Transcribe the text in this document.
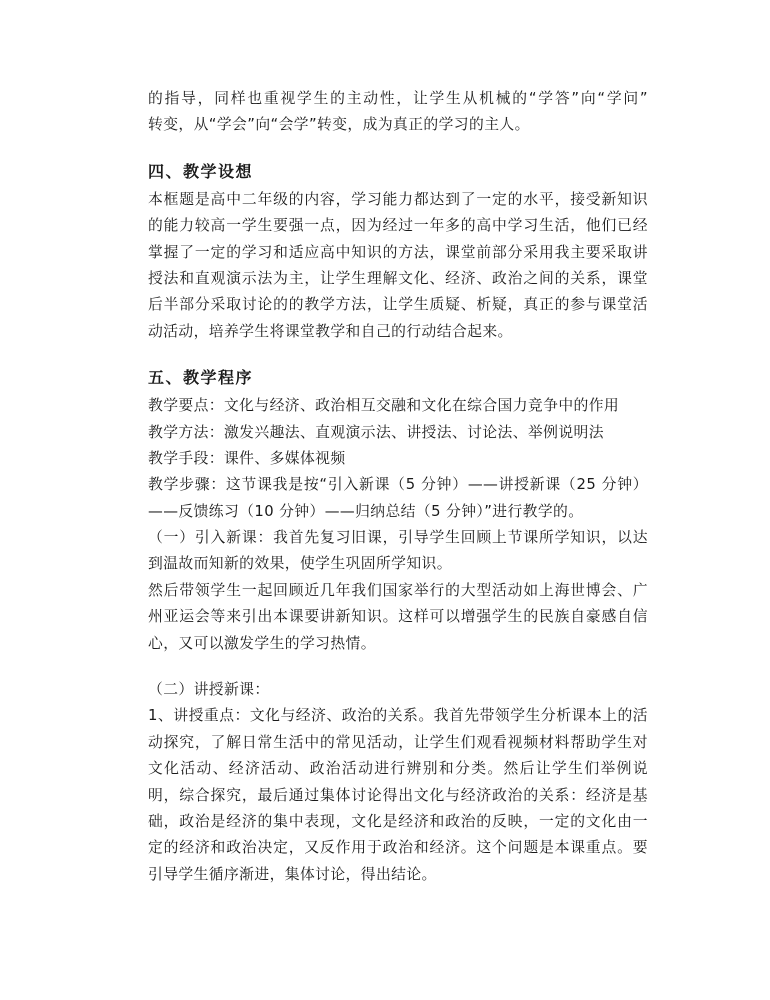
的指导，同样也重视学生的主动性，让学生从机械的“学答”向“学问”
转变，从“学会”向“会学”转变，成为真正的学习的主人。
四、教学设想
本框题是高中二年级的内容，学习能力都达到了一定的水平，接受新知识
的能力较高一学生要强一点，因为经过一年多的高中学习生活，他们已经
掌握了一定的学习和适应高中知识的方法，课堂前部分采用我主要采取讲
授法和直观演示法为主，让学生理解文化、经济、政治之间的关系，课堂
后半部分采取讨论的的教学方法，让学生质疑、析疑，真正的参与课堂活
动活动，培养学生将课堂教学和自己的行动结合起来。
五、教学程序
教学要点：文化与经济、政治相互交融和文化在综合国力竞争中的作用
教学方法：激发兴趣法、直观演示法、讲授法、讨论法、举例说明法
教学手段：课件、多媒体视频
教学步骤：这节课我是按“引入新课（5 分钟）——讲授新课（25 分钟）
——反馈练习（10 分钟）——归纳总结（5 分钟）”进行教学的。
（一）引入新课：我首先复习旧课，引导学生回顾上节课所学知识，以达
到温故而知新的效果，使学生巩固所学知识。
然后带领学生一起回顾近几年我们国家举行的大型活动如上海世博会、广
州亚运会等来引出本课要讲新知识。这样可以增强学生的民族自豪感自信
心，又可以激发学生的学习热情。
（二）讲授新课：
1、讲授重点：文化与经济、政治的关系。我首先带领学生分析课本上的活
动探究，了解日常生活中的常见活动，让学生们观看视频材料帮助学生对
文化活动、经济活动、政治活动进行辨别和分类。然后让学生们举例说
明，综合探究，最后通过集体讨论得出文化与经济政治的关系：经济是基
础，政治是经济的集中表现，文化是经济和政治的反映，一定的文化由一
定的经济和政治决定，又反作用于政治和经济。这个问题是本课重点。要
引导学生循序渐进，集体讨论，得出结论。
